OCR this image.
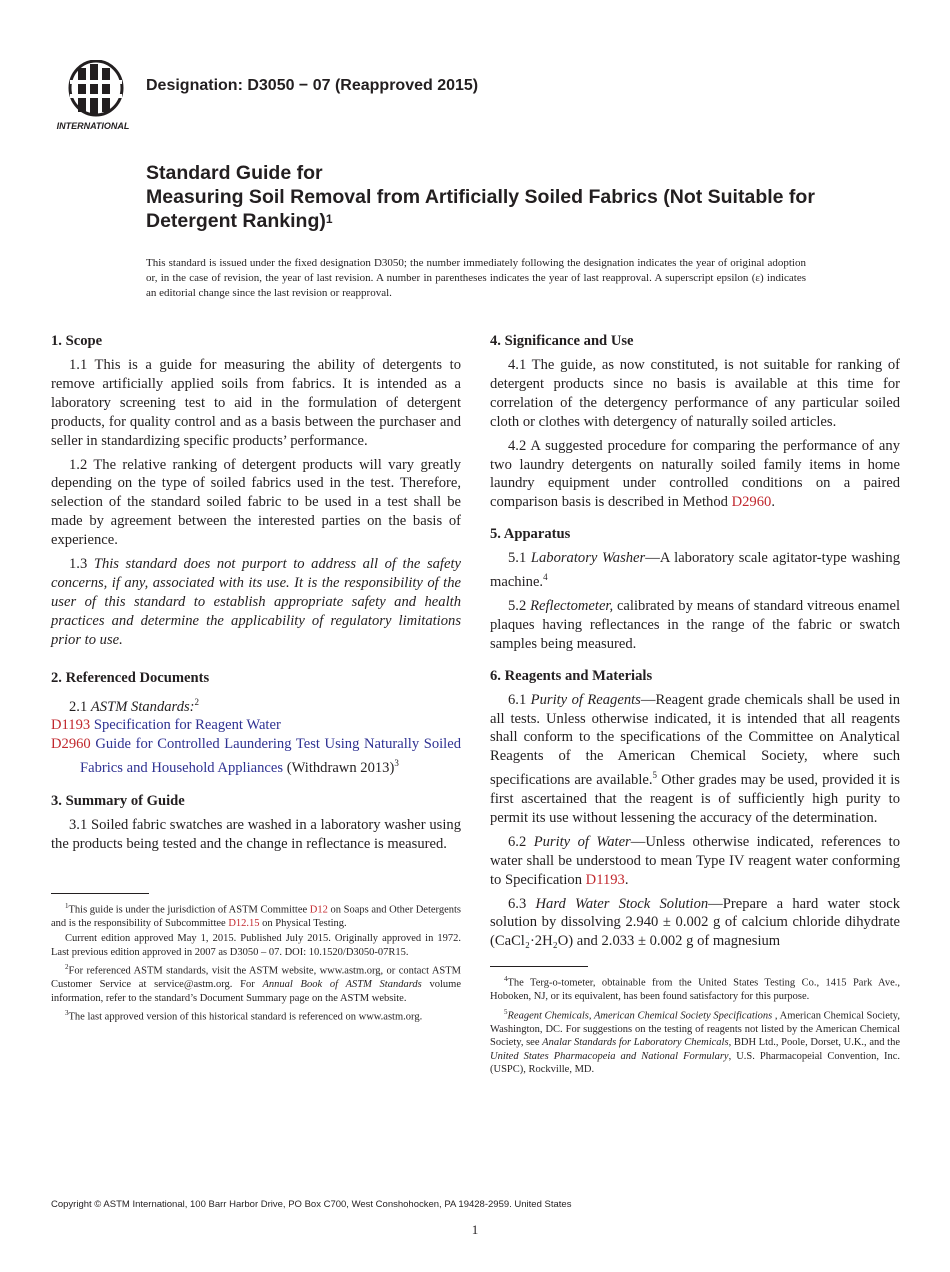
INTERNATIONAL
Designation: D3050 − 07 (Reapproved 2015)
Standard Guide for
Measuring Soil Removal from Artificially Soiled Fabrics (Not Suitable for Detergent Ranking)$^1$
This standard is issued under the fixed designation D3050; the number immediately following the designation indicates the year of original adoption or, in the case of revision, the year of last revision. A number in parentheses indicates the year of last reapproval. A superscript epsilon (ε) indicates an editorial change since the last revision or reapproval.
1. Scope

1.1 This is a guide for measuring the ability of detergents to remove artificially applied soils from fabrics. It is intended as a laboratory screening test to aid in the formulation of detergent products, for quality control and as a basis between the purchaser and seller in standardizing specific products’ performance.

1.2 The relative ranking of detergent products will vary greatly depending on the type of soiled fabrics used in the test. Therefore, selection of the standard soiled fabric to be used in a test shall be made by agreement between the interested parties on the basis of experience.

1.3 This standard does not purport to address all of the safety concerns, if any, associated with its use. It is the responsibility of the user of this standard to establish appropriate safety and health practices and determine the applicability of regulatory limitations prior to use.

2. Referenced Documents

2.1 ASTM Standards:$^2$

D1193 Specification for Reagent Water
D2960 Guide for Controlled Laundering Test Using Naturally Soiled Fabrics and Household Appliances (Withdrawn 2013)$^3$
3. Summary of Guide

3.1 Soiled fabric swatches are washed in a laboratory washer using the products being tested and the change in reflectance is measured.

$^1$This guide is under the jurisdiction of ASTM Committee D12 on Soaps and Other Detergents and is the responsibility of Subcommittee D12.15 on Physical Testing.
Current edition approved May 1, 2015. Published July 2015. Originally approved in 1972. Last previous edition approved in 2007 as D3050 – 07. DOI: 10.1520/D3050-07R15.
$^2$For referenced ASTM standards, visit the ASTM website, www.astm.org, or contact ASTM Customer Service at service@astm.org. For Annual Book of ASTM Standards volume information, refer to the standard’s Document Summary page on the ASTM website.
$^3$The last approved version of this historical standard is referenced on www.astm.org.
4. Significance and Use

4.1 The guide, as now constituted, is not suitable for ranking of detergent products since no basis is available at this time for correlation of the detergency performance of any particular soiled cloth or clothes with detergency of naturally soiled articles.

4.2 A suggested procedure for comparing the performance of any two laundry detergents on naturally soiled family items in home laundry equipment under controlled conditions on a paired comparison basis is described in Method D2960.

5. Apparatus

5.1 Laboratory Washer—A laboratory scale agitator-type washing machine.$^4$

5.2 Reflectometer, calibrated by means of standard vitreous enamel plaques having reflectances in the range of the fabric or swatch samples being measured.

6. Reagents and Materials

6.1 Purity of Reagents—Reagent grade chemicals shall be used in all tests. Unless otherwise indicated, it is intended that all reagents shall conform to the specifications of the Committee on Analytical Reagents of the American Chemical Society, where such specifications are available.$^5$ Other grades may be used, provided it is first ascertained that the reagent is of sufficiently high purity to permit its use without lessening the accuracy of the determination.

6.2 Purity of Water—Unless otherwise indicated, references to water shall be understood to mean Type IV reagent water conforming to Specification D1193.

6.3 Hard Water Stock Solution—Prepare a hard water stock solution by dissolving 2.940 ± 0.002 g of calcium chloride dihydrate (CaCl₂·2H₂O) and 2.033 ± 0.002 g of magnesium

$^4$The Terg-o-tometer, obtainable from the United States Testing Co., 1415 Park Ave., Hoboken, NJ, or its equivalent, has been found satisfactory for this purpose.
$^5$Reagent Chemicals, American Chemical Society Specifications , American Chemical Society, Washington, DC. For suggestions on the testing of reagents not listed by the American Chemical Society, see Analar Standards for Laboratory Chemicals, BDH Ltd., Poole, Dorset, U.K., and the United States Pharmacopeia and National Formulary, U.S. Pharmacopeial Convention, Inc. (USPC), Rockville, MD.
Copyright © ASTM International, 100 Barr Harbor Drive, PO Box C700, West Conshohocken, PA 19428-2959. United States
1
